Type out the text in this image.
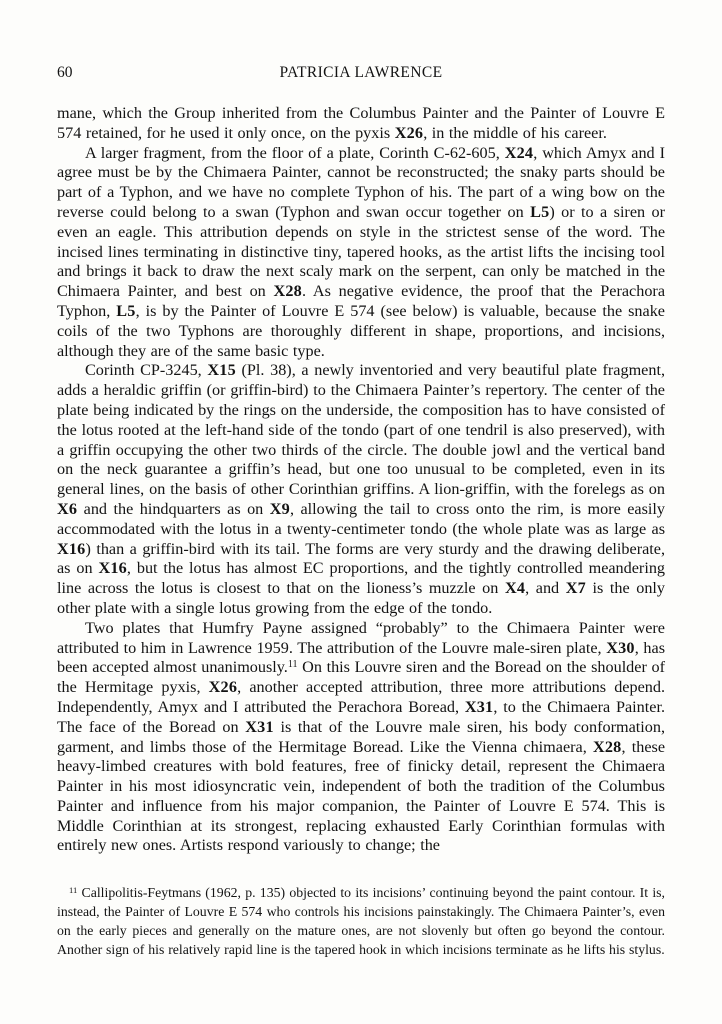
60	PATRICIA LAWRENCE

mane, which the Group inherited from the Columbus Painter and the Painter of Louvre E 574 retained, for he used it only once, on the pyxis X26, in the middle of his career.

A larger fragment, from the floor of a plate, Corinth C-62-605, X24, which Amyx and I agree must be by the Chimaera Painter, cannot be reconstructed; the snaky parts should be part of a Typhon, and we have no complete Typhon of his. The part of a wing bow on the reverse could belong to a swan (Typhon and swan occur together on L5) or to a siren or even an eagle. This attribution depends on style in the strictest sense of the word. The incised lines terminating in distinctive tiny, tapered hooks, as the artist lifts the incising tool and brings it back to draw the next scaly mark on the serpent, can only be matched in the Chimaera Painter, and best on X28. As negative evidence, the proof that the Perachora Typhon, L5, is by the Painter of Louvre E 574 (see below) is valuable, because the snake coils of the two Typhons are thoroughly different in shape, proportions, and incisions, although they are of the same basic type.

Corinth CP-3245, X15 (Pl. 38), a newly inventoried and very beautiful plate fragment, adds a heraldic griffin (or griffin-bird) to the Chimaera Painter’s repertory. The center of the plate being indicated by the rings on the underside, the composition has to have consisted of the lotus rooted at the left-hand side of the tondo (part of one tendril is also preserved), with a griffin occupying the other two thirds of the circle. The double jowl and the vertical band on the neck guarantee a griffin’s head, but one too unusual to be completed, even in its general lines, on the basis of other Corinthian griffins. A lion-griffin, with the forelegs as on X6 and the hindquarters as on X9, allowing the tail to cross onto the rim, is more easily accommodated with the lotus in a twenty-centimeter tondo (the whole plate was as large as X16) than a griffin-bird with its tail. The forms are very sturdy and the drawing deliberate, as on X16, but the lotus has almost EC proportions, and the tightly controlled meandering line across the lotus is closest to that on the lioness’s muzzle on X4, and X7 is the only other plate with a single lotus growing from the edge of the tondo.

Two plates that Humfry Payne assigned “probably” to the Chimaera Painter were attributed to him in Lawrence 1959. The attribution of the Louvre male-siren plate, X30, has been accepted almost unanimously.$^{11}$ On this Louvre siren and the Boread on the shoulder of the Hermitage pyxis, X26, another accepted attribution, three more attributions depend. Independently, Amyx and I attributed the Perachora Boread, X31, to the Chimaera Painter. The face of the Boread on X31 is that of the Louvre male siren, his body conformation, garment, and limbs those of the Hermitage Boread. Like the Vienna chimaera, X28, these heavy-limbed creatures with bold features, free of finicky detail, represent the Chimaera Painter in his most idiosyncratic vein, independent of both the tradition of the Columbus Painter and influence from his major companion, the Painter of Louvre E 574. This is Middle Corinthian at its strongest, replacing exhausted Early Corinthian formulas with entirely new ones. Artists respond variously to change; the

$^{11}$ Callipolitis-Feytmans (1962, p. 135) objected to its incisions’ continuing beyond the paint contour. It is, instead, the Painter of Louvre E 574 who controls his incisions painstakingly. The Chimaera Painter’s, even on the early pieces and generally on the mature ones, are not slovenly but often go beyond the contour. Another sign of his relatively rapid line is the tapered hook in which incisions terminate as he lifts his stylus.
